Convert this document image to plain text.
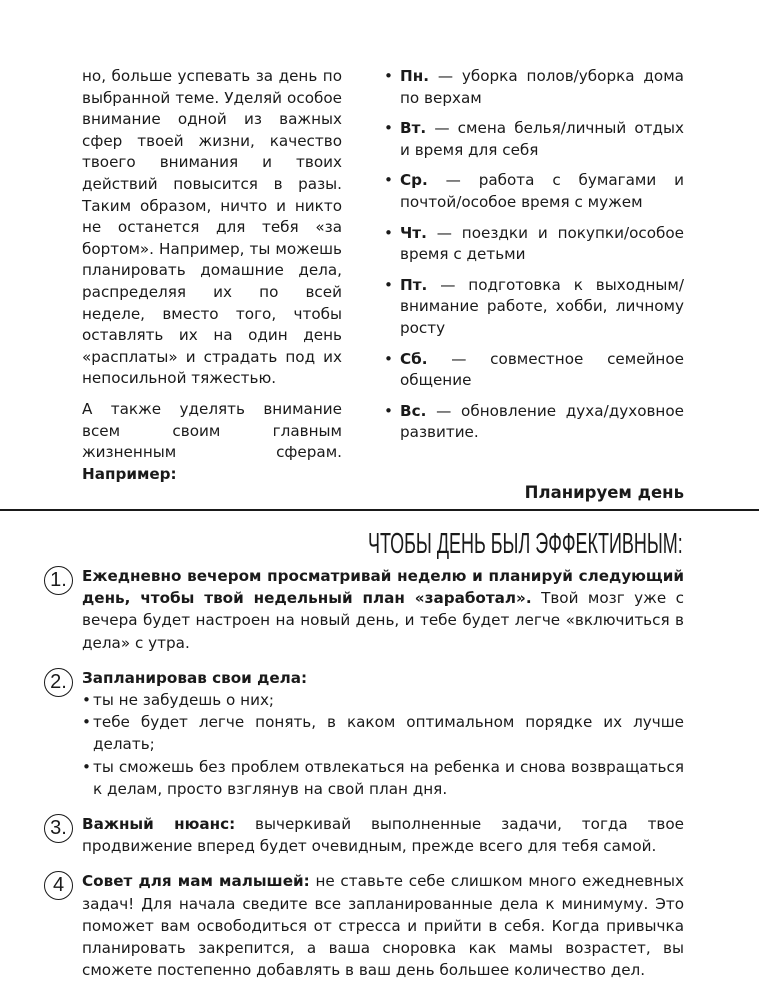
но, больше успевать за день по выбранной теме. Уделяй особое внимание одной из важных сфер твоей жизни, качество твоего внимания и твоих действий повысится в разы. Таким образом, ничто и никто не останется для тебя «за бортом». Например, ты можешь планировать домашние дела, распределяя их по всей неделе, вместо того, чтобы оставлять их на один день «расплаты» и страдать под их непосильной тяжестью.

А также уделять внимание всем своим главным жизненным сферам. Например:

• Пн. — уборка полов/уборка дома по верхам
• Вт. — смена белья/личный отдых и время для себя
• Ср. — работа с бумагами и почтой/особое время с мужем
• Чт. — поездки и покупки/особое время с детьми
• Пт. — подготовка к выходным/ внимание работе, хобби, личному росту
• Сб. — совместное семейное общение
• Вс. — обновление духа/духовное развитие.
Планируем день
ЧТОБЫ ДЕНЬ БЫЛ ЭФФЕКТИВНЫМ:
1. Ежедневно вечером просматривай неделю и планируй следующий день, чтобы твой недельный план «заработал». Твой мозг уже с вечера будет настроен на новый день, и тебе будет легче «включиться в дела» с утра.
2. Запланировав свои дела:
• ты не забудешь о них;
• тебе будет легче понять, в каком оптимальном порядке их лучше делать;
• ты сможешь без проблем отвлекаться на ребенка и снова возвращаться к делам, просто взглянув на свой план дня.
3. Важный нюанс: вычеркивай выполненные задачи, тогда твое продвижение вперед будет очевидным, прежде всего для тебя самой.
4	Совет для мам малышей: не ставьте себе слишком много ежедневных задач! Для начала сведите все запланированные дела к минимуму. Это поможет вам освободиться от стресса и прийти в себя. Когда привычка планировать закрепится, а ваша сноровка как мамы возрастет, вы сможете постепенно добавлять в ваш день большее количество дел.
